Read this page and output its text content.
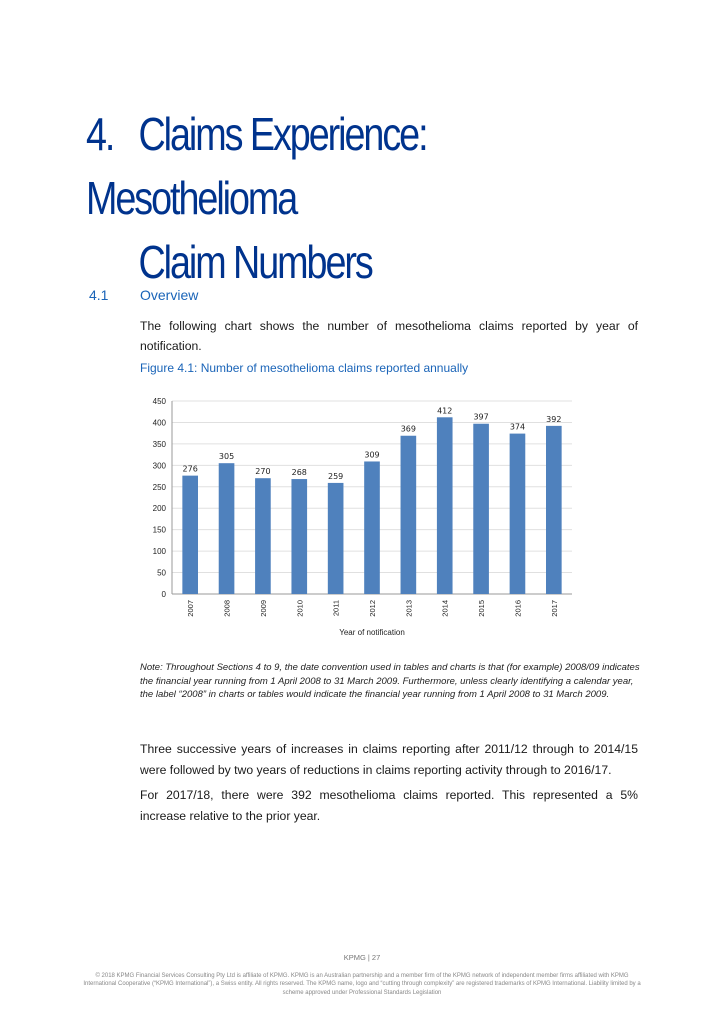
4. Claims Experience: Mesothelioma
Claim Numbers
4.1 Overview

The following chart shows the number of mesothelioma claims reported by year of notification.

Figure 4.1: Number of mesothelioma claims reported annually
0
50
100
150
200
250
300
350
400
450
276
2007
305
2008
270
2009
268
2010
259
2011
309
2012
369
2013
412
2014
397
2015
374
2016
392
2017
Year of notification

Note: Throughout Sections 4 to 9, the date convention used in tables and charts is that (for example) 2008/09 indicates the financial year running from 1 April 2008 to 31 March 2009. Furthermore, unless clearly identifying a calendar year, the label “2008” in charts or tables would indicate the financial year running from 1 April 2008 to 31 March 2009.

Three successive years of increases in claims reporting after 2011/12 through to 2014/15 were followed by two years of reductions in claims reporting activity through to 2016/17.

For 2017/18, there were 392 mesothelioma claims reported. This represented a 5% increase relative to the prior year.

KPMG | 27

© 2018 KPMG Financial Services Consulting Pty Ltd is affiliate of KPMG. KPMG is an Australian partnership and a member firm of the KPMG network of independent member firms affiliated with KPMG International Cooperative (“KPMG International”), a Swiss entity. All rights reserved. The KPMG name, logo and “cutting through complexity” are registered trademarks of KPMG International. Liability limited by a scheme approved under Professional Standards Legislation
